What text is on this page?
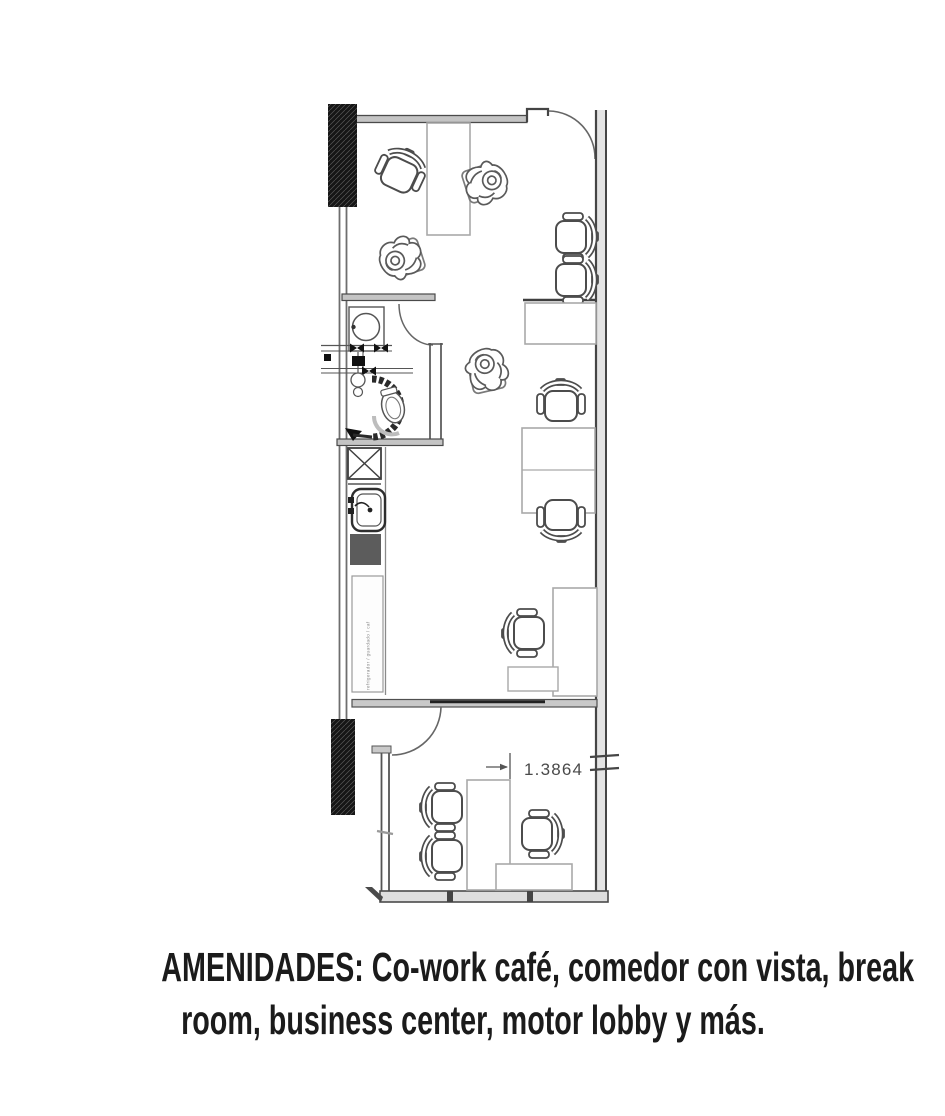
refrigerador / guardado / caf
1.3864
AMENIDADES: Co-work café, comedor con vista, break
room, business center, motor lobby y más.
